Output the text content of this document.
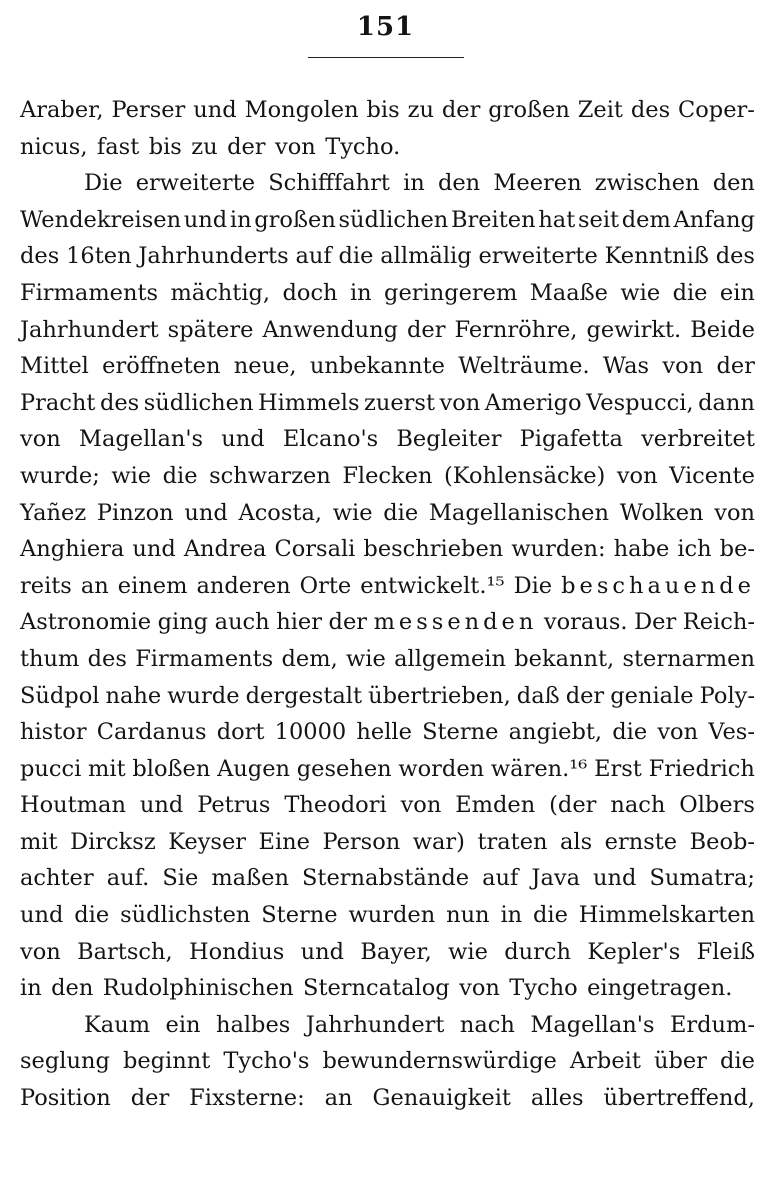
151
Araber, Perser und Mongolen bis zu der großen Zeit des Coper-
nicus, fast bis zu der von Tycho.
Die erweiterte Schifffahrt in den Meeren zwischen den
Wendekreisen und in großen südlichen Breiten hat seit dem Anfang
des 16ten Jahrhunderts auf die allmälig erweiterte Kenntniß des
Firmaments mächtig, doch in geringerem Maaße wie die ein
Jahrhundert spätere Anwendung der Fernröhre, gewirkt. Beide
Mittel eröffneten neue, unbekannte Welträume. Was von der
Pracht des südlichen Himmels zuerst von Amerigo Vespucci, dann
von Magellan's und Elcano's Begleiter Pigafetta verbreitet
wurde; wie die schwarzen Flecken (Kohlensäcke) von Vicente
Yañez Pinzon und Acosta, wie die Magellanischen Wolken von
Anghiera und Andrea Corsali beschrieben wurden: habe ich be-
reits an einem anderen Orte entwickelt.¹⁵ Die beschauende
Astronomie ging auch hier der messenden voraus. Der Reich-
thum des Firmaments dem, wie allgemein bekannt, sternarmen
Südpol nahe wurde dergestalt übertrieben, daß der geniale Poly-
histor Cardanus dort 10000 helle Sterne angiebt, die von Ves-
pucci mit bloßen Augen gesehen worden wären.¹⁶ Erst Friedrich
Houtman und Petrus Theodori von Emden (der nach Olbers
mit Dircksz Keyser Eine Person war) traten als ernste Beob-
achter auf. Sie maßen Sternabstände auf Java und Sumatra;
und die südlichsten Sterne wurden nun in die Himmelskarten
von Bartsch, Hondius und Bayer, wie durch Kepler's Fleiß
in den Rudolphinischen Sterncatalog von Tycho eingetragen.
Kaum ein halbes Jahrhundert nach Magellan's Erdum-
seglung beginnt Tycho's bewundernswürdige Arbeit über die
Position der Fixsterne: an Genauigkeit alles übertreffend,
